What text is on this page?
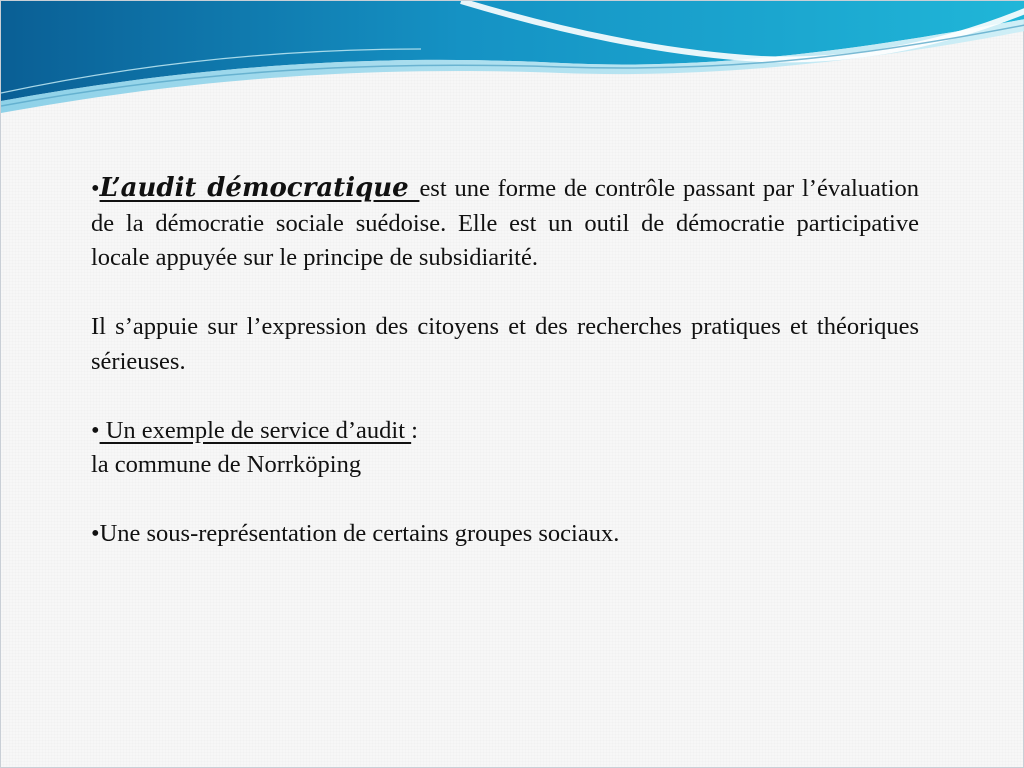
•L’audit démocratique est une forme de contrôle passant par l’évaluation de la démocratie sociale suédoise. Elle est un outil de démocratie participative locale appuyée sur le principe de subsidiarité.

Il s’appuie sur l’expression des citoyens et des recherches pratiques et théoriques sérieuses.

• Un exemple de service d’audit :
la commune de Norrköping

•Une sous-représentation de certains groupes sociaux.
